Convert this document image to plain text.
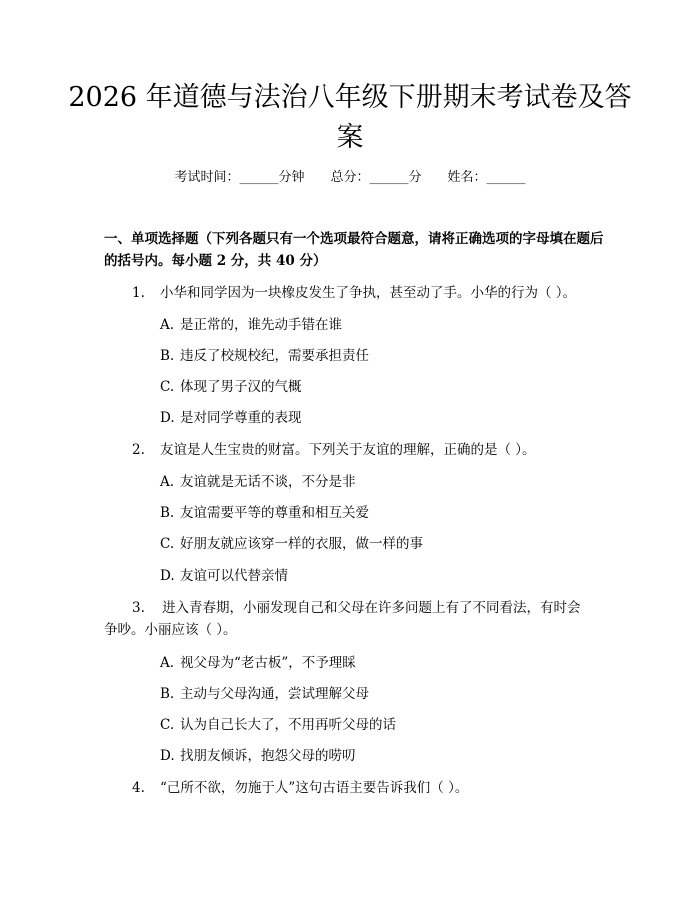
2026 年道德与法治八年级下册期末考试卷及答案
考试时间：______分钟 总分：______分 姓名：______
一、单项选择题（下列各题只有一个选项最符合题意，请将正确选项的字母填在题后的括号内。每小题 2 分，共 40 分）
1. 小华和同学因为一块橡皮发生了争执，甚至动了手。小华的行为（ ）。
A. 是正常的，谁先动手错在谁
B. 违反了校规校纪，需要承担责任
C. 体现了男子汉的气概
D. 是对同学尊重的表现
2. 友谊是人生宝贵的财富。下列关于友谊的理解，正确的是（ ）。
A. 友谊就是无话不谈，不分是非
B. 友谊需要平等的尊重和相互关爱
C. 好朋友就应该穿一样的衣服，做一样的事
D. 友谊可以代替亲情
3. 进入青春期，小丽发现自己和父母在许多问题上有了不同看法，有时会争吵。小丽应该（ ）。
A. 视父母为“老古板”，不予理睬
B. 主动与父母沟通，尝试理解父母
C. 认为自己长大了，不用再听父母的话
D. 找朋友倾诉，抱怨父母的唠叨
4. “己所不欲，勿施于人”这句古语主要告诉我们（ ）。
